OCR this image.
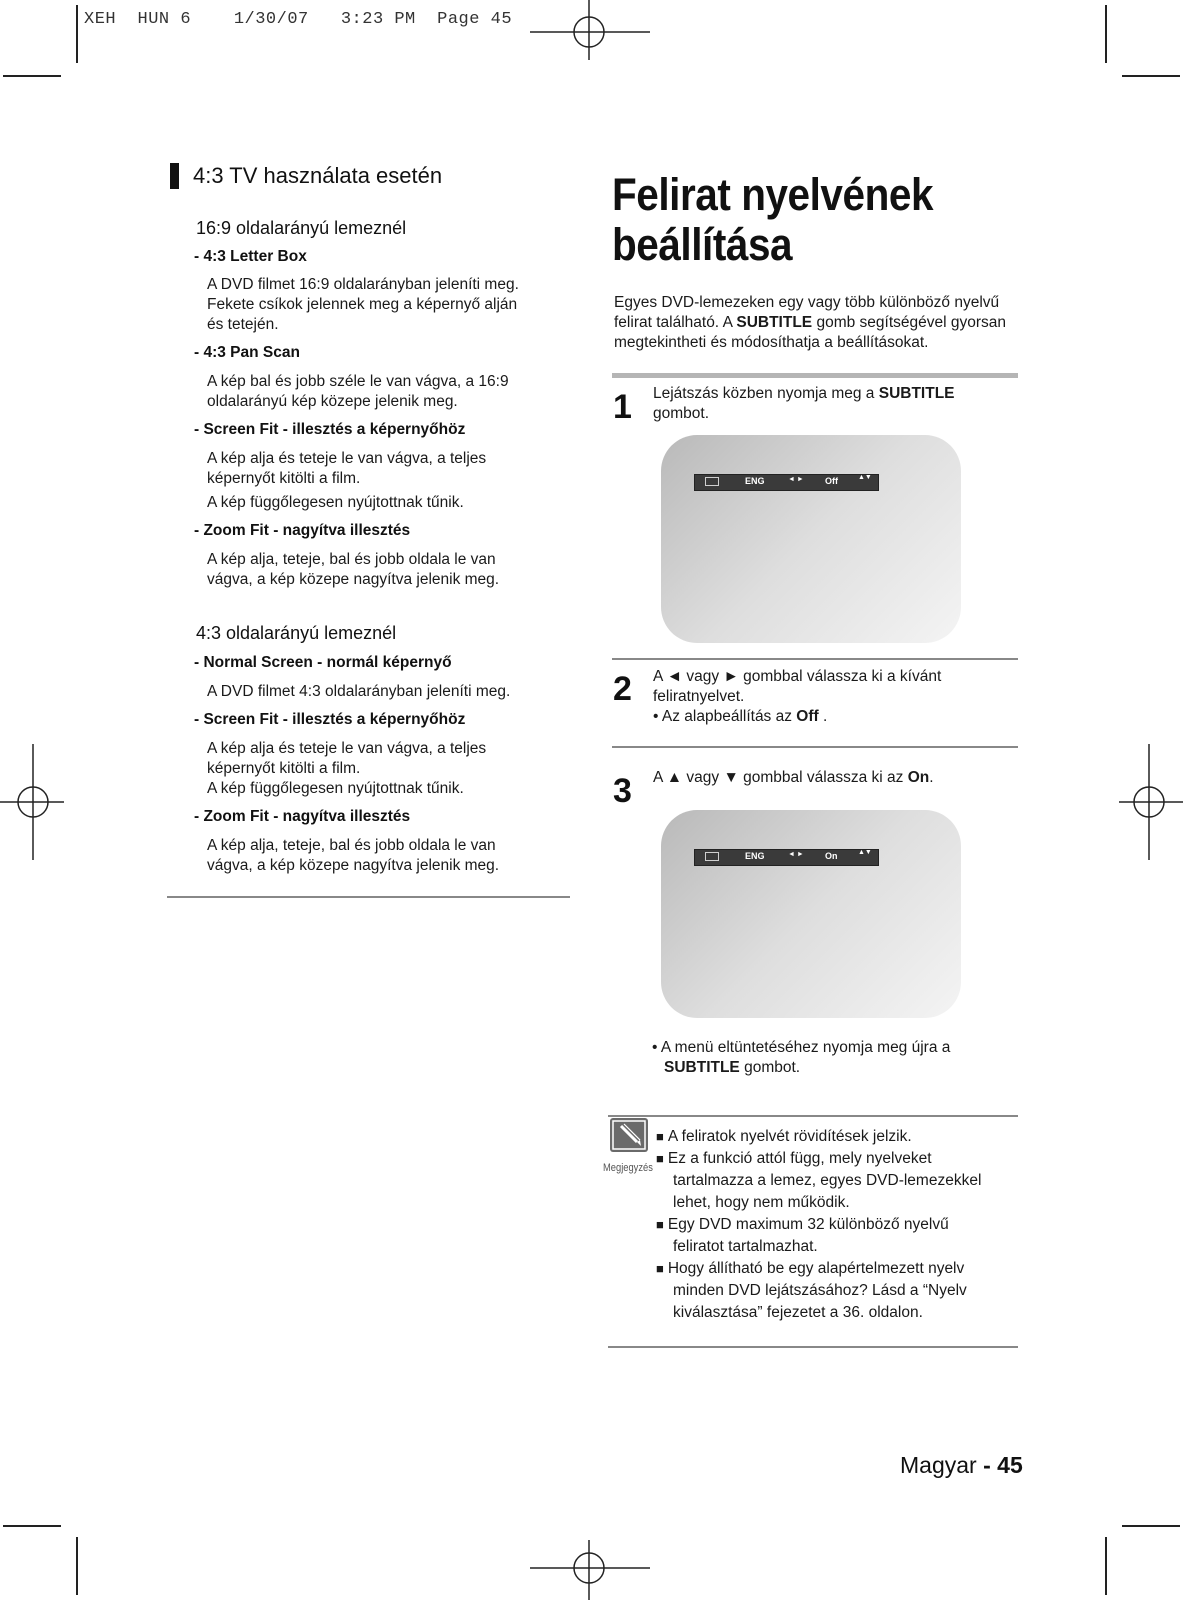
XEH  HUN 6    1/30/07   3:23 PM  Page 45
4:3 TV használata esetén
16:9 oldalarányú lemeznél
- 4:3 Letter Box
A DVD filmet 16:9 oldalarányban jeleníti meg.
Fekete csíkok jelennek meg a képernyő alján
és tetején.
- 4:3 Pan Scan
A kép bal és jobb széle le van vágva, a 16:9
oldalarányú kép közepe jelenik meg.
- Screen Fit - illesztés a képernyőhöz
A kép alja és teteje le van vágva, a teljes
képernyőt kitölti a film.
A kép függőlegesen nyújtottnak tűnik.
- Zoom Fit - nagyítva illesztés
A kép alja, teteje, bal és jobb oldala le van
vágva, a kép közepe nagyítva jelenik meg.
4:3 oldalarányú lemeznél
- Normal Screen - normál képernyő
A DVD filmet 4:3 oldalarányban jeleníti meg.
- Screen Fit - illesztés a képernyőhöz
A kép alja és teteje le van vágva, a teljes
képernyőt kitölti a film.
A kép függőlegesen nyújtottnak tűnik.
- Zoom Fit - nagyítva illesztés
A kép alja, teteje, bal és jobb oldala le van
vágva, a kép közepe nagyítva jelenik meg.
Felirat nyelvének
beállítása
Egyes DVD-lemezeken egy vagy több különböző nyelvű felirat található. A SUBTITLE gomb segítségével gyorsan megtekintheti és módosíthatja a beállításokat.
1 Lejátszás közben nyomja meg a SUBTITLE
gombot.
ENG	◄ ► Off	▲▼
2 A ◄ vagy ► gombbal válassza ki a kívánt
feliratnyelvet.
• Az alapbeállítás az Off .
3 A ▲ vagy ▼ gombbal válassza ki az On.
ENG	◄ ► On	▲▼
• A menü eltüntetéséhez nyomja meg újra a
SUBTITLE gombot.
Megjegyzés
■ A feliratok nyelvét rövidítések jelzik.
■ Ez a funkció attól függ, mely nyelveket
tartalmazza a lemez, egyes DVD-lemezekkel
lehet, hogy nem működik.
■ Egy DVD maximum 32 különböző nyelvű
feliratot tartalmazhat.
■ Hogy állítható be egy alapértelmezett nyelv
minden DVD lejátszásához? Lásd a “Nyelv
kiválasztása” fejezetet a 36. oldalon.
Magyar - 45
